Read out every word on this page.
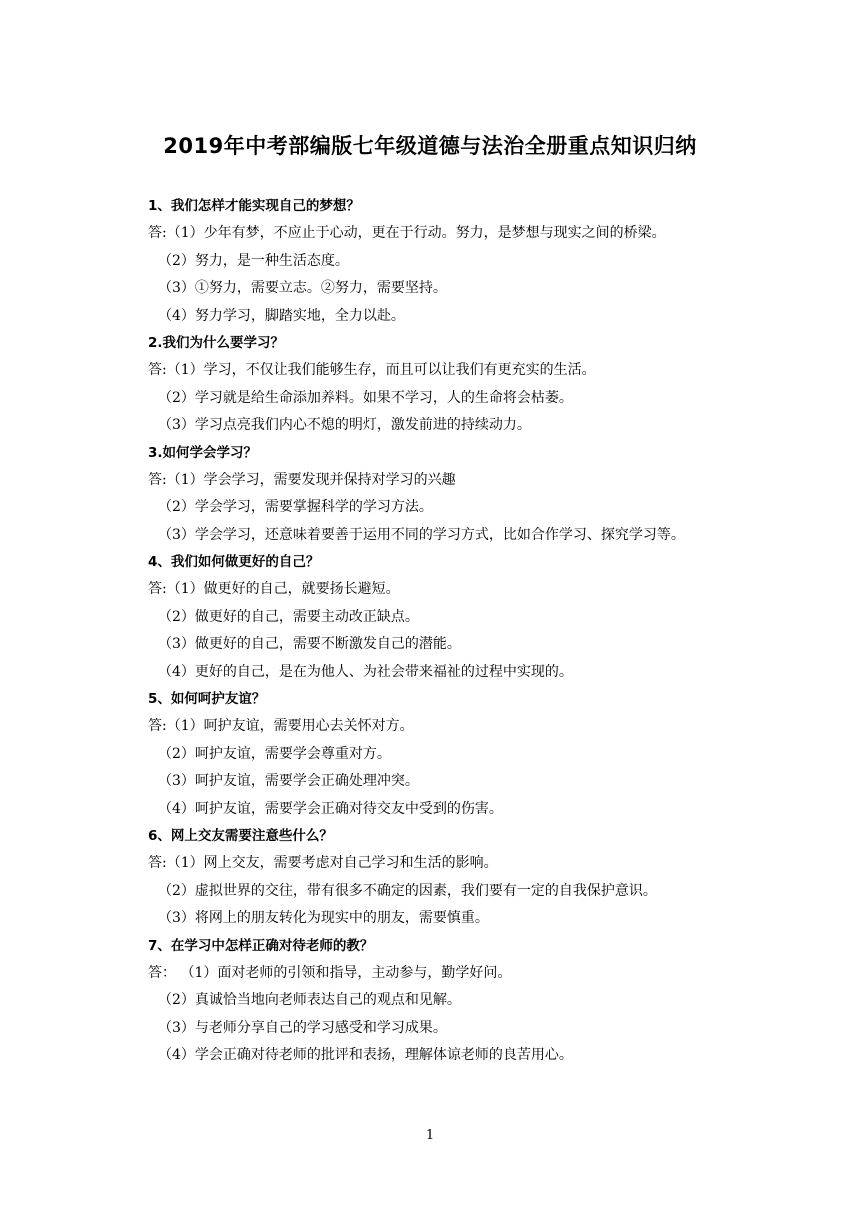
2019年中考部编版七年级道德与法治全册重点知识归纳
1、我们怎样才能实现自己的梦想？
答:（1）少年有梦，不应止于心动，更在于行动。努力，是梦想与现实之间的桥梁。
（2）努力，是一种生活态度。
（3）①努力，需要立志。②努力，需要坚持。
（4）努力学习，脚踏实地，全力以赴。
2.我们为什么要学习？
答:（1）学习，不仅让我们能够生存，而且可以让我们有更充实的生活。
（2）学习就是给生命添加养料。如果不学习，人的生命将会枯萎。
（3）学习点亮我们内心不熄的明灯，激发前进的持续动力。
3.如何学会学习？
答:（1）学会学习，需要发现并保持对学习的兴趣
（2）学会学习，需要掌握科学的学习方法。
（3）学会学习，还意味着要善于运用不同的学习方式，比如合作学习、探究学习等。
4、我们如何做更好的自己？
答:（1）做更好的自己，就要扬长避短。
（2）做更好的自己，需要主动改正缺点。
（3）做更好的自己，需要不断激发自己的潜能。
（4）更好的自己，是在为他人、为社会带来福祉的过程中实现的。
5、如何呵护友谊？
答:（1）呵护友谊，需要用心去关怀对方。
（2）呵护友谊，需要学会尊重对方。
（3）呵护友谊，需要学会正确处理冲突。
（4）呵护友谊，需要学会正确对待交友中受到的伤害。
6、网上交友需要注意些什么？
答:（1）网上交友，需要考虑对自己学习和生活的影响。
（2）虚拟世界的交往，带有很多不确定的因素，我们要有一定的自我保护意识。
（3）将网上的朋友转化为现实中的朋友，需要慎重。
7、在学习中怎样正确对待老师的教？
答： （1）面对老师的引领和指导，主动参与，勤学好问。
（2）真诚恰当地向老师表达自己的观点和见解。
（3）与老师分享自己的学习感受和学习成果。
（4）学会正确对待老师的批评和表扬，理解体谅老师的良苦用心。
1
